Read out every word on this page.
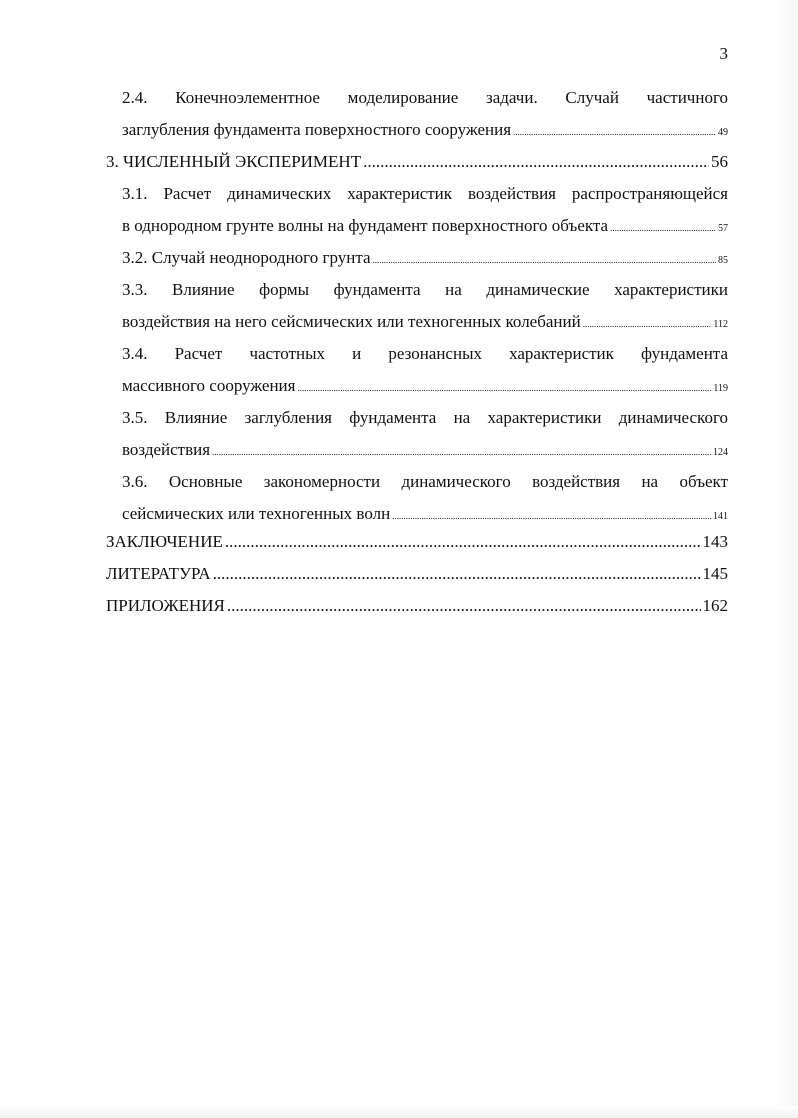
3
2.4. Конечноэлементное моделирование задачи. Случай частичного
заглубления фундамента поверхностного сооружения .....	49
3. ЧИСЛЕННЫЙ ЭКСПЕРИМЕНТ .....	56
3.1. Расчет динамических характеристик воздействия распространяющейся
в однородном грунте волны на фундамент поверхностного объекта .....	57
3.2. Случай неоднородного грунта .....	85
3.3. Влияние формы фундамента на динамические характеристики
воздействия на него сейсмических или техногенных колебаний .....	112
3.4. Расчет частотных и резонансных характеристик фундамента
массивного сооружения .....	119
3.5. Влияние заглубления фундамента на характеристики динамического
воздействия .....	124
3.6. Основные закономерности динамического воздействия на объект
сейсмических или техногенных волн .....	141
ЗАКЛЮЧЕНИЕ .....	143
ЛИТЕРАТУРА .....	145
ПРИЛОЖЕНИЯ .....	162
